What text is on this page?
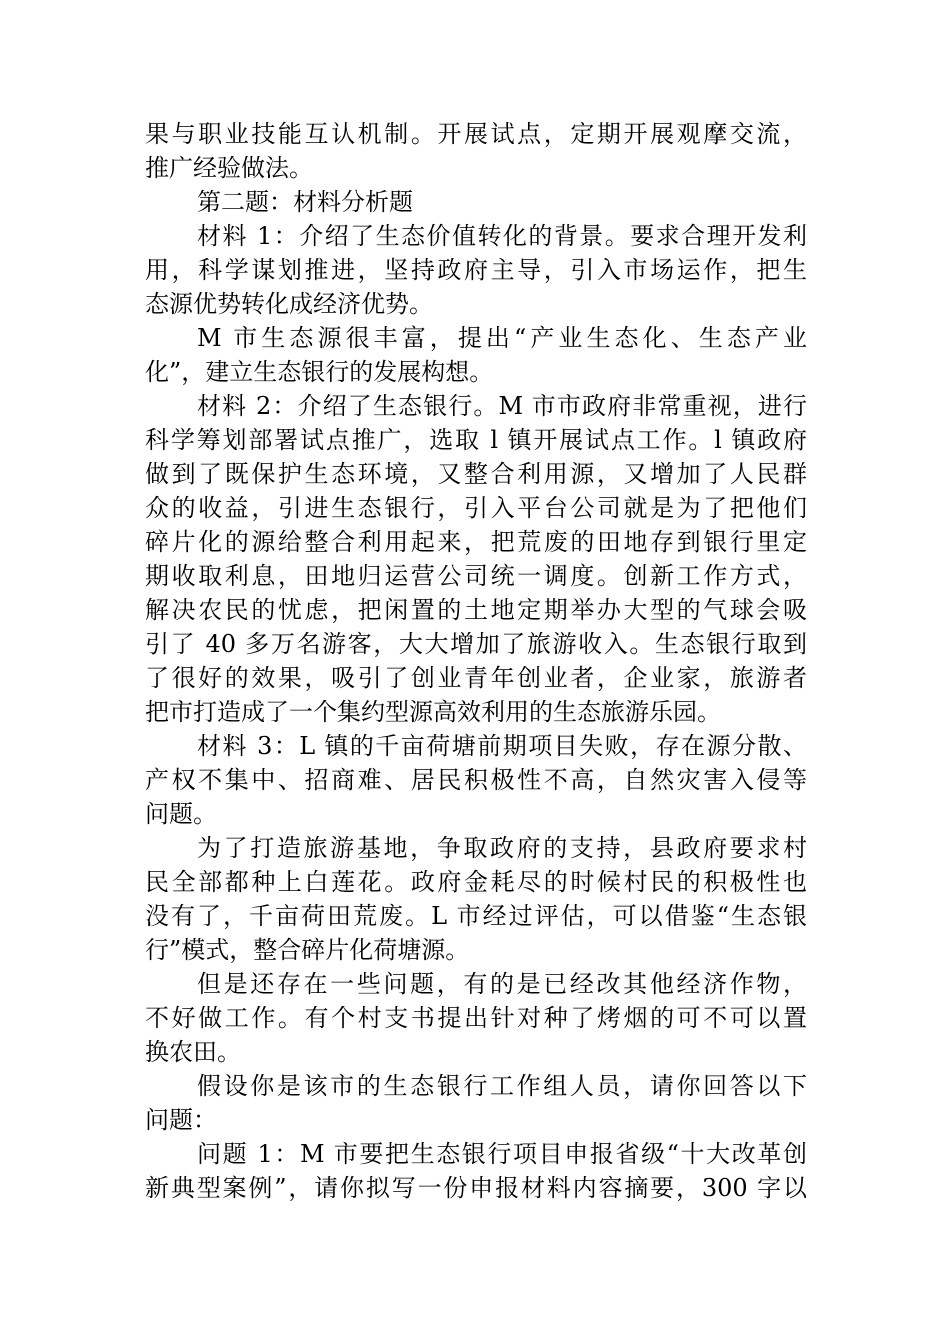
果与职业技能互认机制。开展试点，定期开展观摩交流，
推广经验做法。
第二题：材料分析题
材料 1：介绍了生态价值转化的背景。要求合理开发利
用，科学谋划推进，坚持政府主导，引入市场运作，把生
态源优势转化成经济优势。
M 市生态源很丰富，提出“产业生态化、生态产业
化”，建立生态银行的发展构想。
材料 2：介绍了生态银行。M 市市政府非常重视，进行
科学筹划部署试点推广，选取 l 镇开展试点工作。l 镇政府
做到了既保护生态环境，又整合利用源，又增加了人民群
众的收益，引进生态银行，引入平台公司就是为了把他们
碎片化的源给整合利用起来，把荒废的田地存到银行里定
期收取利息，田地归运营公司统一调度。创新工作方式，
解决农民的忧虑，把闲置的土地定期举办大型的气球会吸
引了 40 多万名游客，大大增加了旅游收入。生态银行取到
了很好的效果，吸引了创业青年创业者，企业家，旅游者
把市打造成了一个集约型源高效利用的生态旅游乐园。
材料 3：L 镇的千亩荷塘前期项目失败，存在源分散、
产权不集中、招商难、居民积极性不高，自然灾害入侵等
问题。
为了打造旅游基地，争取政府的支持，县政府要求村
民全部都种上白莲花。政府金耗尽的时候村民的积极性也
没有了，千亩荷田荒废。L 市经过评估，可以借鉴“生态银
行”模式，整合碎片化荷塘源。
但是还存在一些问题，有的是已经改其他经济作物，
不好做工作。有个村支书提出针对种了烤烟的可不可以置
换农田。
假设你是该市的生态银行工作组人员，请你回答以下
问题：
问题 1：M 市要把生态银行项目申报省级“十大改革创
新典型案例”，请你拟写一份申报材料内容摘要，300 字以
